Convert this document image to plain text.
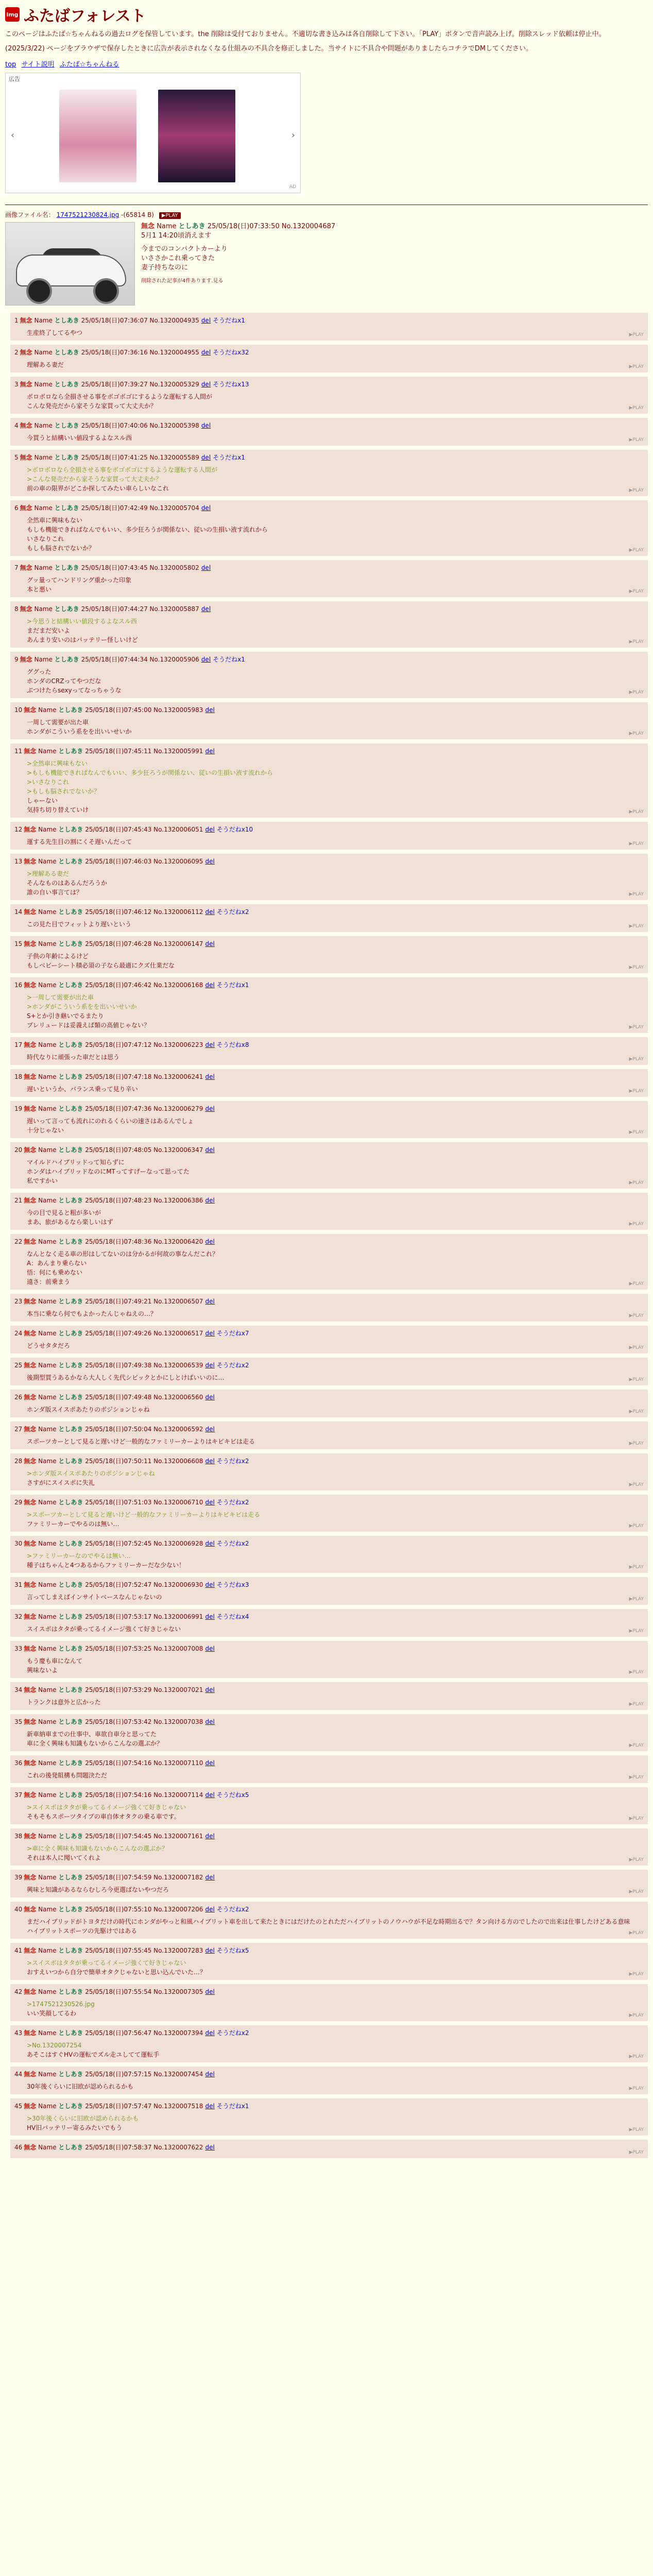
img ふたばフォレスト

このページはふたば☆ちゃんねるの過去ログを保管しています。the 削除は受付ておりません。不適切な書き込みは各自削除して下さい。「PLAY」ボタンで音声読み上げ。削除スレッド依頼は停止中。

(2025/3/22) ページをブラウザで保存したときに広告が表示されなくなる仕組みの不具合を修正しました。当サイトに不具合や問題がありましたらコチラでDMしてください。

top サイト説明 ふたば☆ちゃんねる
広告
‹	›
AD
画像ファイル名： 1747521230824.jpg -(65814 B) ▶PLAY
無念 Name としあき 25/05/18(日)07:33:50 No.1320004687
5月1 14:20頃消えます
今までのコンパクトカーより
いささかこれ乗ってきた
妻子持ちなのに
削除された記事が4件あります.見る
1 無念 Name としあき 25/05/18(日)07:36:07 No.1320004935 del そうだねx1
生産終了してるやつ	▶PLAY
2 無念 Name としあき 25/05/18(日)07:36:16 No.1320004955 del そうだねx32
理解ある妻だ	▶PLAY
3 無念 Name としあき 25/05/18(日)07:39:27 No.1320005329 del そうだねx13
ボロボロなら全損させる事をボゴボゴにするような運転する人間が
こんな発売だから家そうな家買って大丈夫か？	▶PLAY
4 無念 Name としあき 25/05/18(日)07:40:06 No.1320005398 del
今買うと結構いい値段するよなスル西	▶PLAY
5 無念 Name としあき 25/05/18(日)07:41:25 No.1320005589 del そうだねx1
>ボロボロなら全損させる事をボゴボゴにするような運転する人間が
>こんな発売だから家そうな家買って大丈夫か？
前の車の限界がどこか探してみたい車らしいなこれ	▶PLAY
6 無念 Name としあき 25/05/18(日)07:42:49 No.1320005704 del
全然車に興味もない
もしも機能できればなんでもいい、多少狂ろうが関係ない、従いの生損い液す流れから
いさなりこれ
もしも脳されでないか？	▶PLAY
7 無念 Name としあき 25/05/18(日)07:43:45 No.1320005802 del
グッ量ってハンドリング重かった印象
本と悪い	▶PLAY
8 無念 Name としあき 25/05/18(日)07:44:27 No.1320005887 del
>今思うと結構いい値段するよなスル西
まだまだ安いよ
あんまり安いのはバッテリー怪しいけど	▶PLAY
9 無念 Name としあき 25/05/18(日)07:44:34 No.1320005906 del そうだねx1
ググった
ホンダのCRZってやつだな
ぶつけたらsexyってなっちゃうな	▶PLAY
10 無念 Name としあき 25/05/18(日)07:45:00 No.1320005983 del
一周して需要が出た車
ホンダがこういう系をを出いいせいか	▶PLAY
11 無念 Name としあき 25/05/18(日)07:45:11 No.1320005991 del
>全然車に興味もない
>もしも機能できればなんでもいい、多少狂ろうが関係ない、従いの生損い液す流れから
>いさなりこれ
>もしも脳されでないか？
しゃーない
気持ち切り替えていけ	▶PLAY
12 無念 Name としあき 25/05/18(日)07:45:43 No.1320006051 del そうだねx10
運する先生目の割にくそ遅いんだって	▶PLAY
13 無念 Name としあき 25/05/18(日)07:46:03 No.1320006095 del
>理解ある妻だ
そんなものはあるんだろうか
誰の自い事言ては？	▶PLAY
14 無念 Name としあき 25/05/18(日)07:46:12 No.1320006112 del そうだねx2
この見た目でフィットより遅いという	▶PLAY
15 無念 Name としあき 25/05/18(日)07:46:28 No.1320006147 del
子供の年齢によるけど
もしベビーシート積必須の子なら最適にクズ仕業だな	▶PLAY
16 無念 Name としあき 25/05/18(日)07:46:42 No.1320006168 del そうだねx1
>一周して需要が出た車
>ホンダがこういう系をを出いいせいか
S+とか引き継いでるまたり
プレリュードは妥義えば類の高値じゃない？	▶PLAY
17 無念 Name としあき 25/05/18(日)07:47:12 No.1320006223 del そうだねx8
時代なりに頑張った車だとは思う	▶PLAY
18 無念 Name としあき 25/05/18(日)07:47:18 No.1320006241 del
遅いというか、バランス乗って見り辛い	▶PLAY
19 無念 Name としあき 25/05/18(日)07:47:36 No.1320006279 del
遅いって言っても流れにのれるくらいの速さはあるんでしょ
十分じゃない	▶PLAY
20 無念 Name としあき 25/05/18(日)07:48:05 No.1320006347 del
マイルドハイブリッドって知らずに
ホンダはハイブリッドなのにMTってすげーなって思ってた
私ですかい	▶PLAY
21 無念 Name としあき 25/05/18(日)07:48:23 No.1320006386 del
今の目で見ると粗が多いが
まあ、旅があるなら楽しいはず	▶PLAY
22 無念 Name としあき 25/05/18(日)07:48:36 No.1320006420 del
なんとなく走る車の形はしてないのは分かるが何故の事なんだこれ？
A：あんまり乗らない
悟：何にも乗めない
遠さ：前乗まう	▶PLAY
23 無念 Name としあき 25/05/18(日)07:49:21 No.1320006507 del
本当に乗なら何でもよかったんじゃねえの…？	▶PLAY
24 無念 Name としあき 25/05/18(日)07:49:26 No.1320006517 del そうだねx7
どうせタタだろ	▶PLAY
25 無念 Name としあき 25/05/18(日)07:49:38 No.1320006539 del そうだねx2
後期型買うあるかなら大人しく先代シビックとかにしとけばいいのに…	▶PLAY
26 無念 Name としあき 25/05/18(日)07:49:48 No.1320006560 del
ホンダ版スイスポあたりのポジションじゃね	▶PLAY
27 無念 Name としあき 25/05/18(日)07:50:04 No.1320006592 del
スポーツカーとして見ると遅いけど一般的なファミリーカーよりはキビキビは走る	▶PLAY
28 無念 Name としあき 25/05/18(日)07:50:11 No.1320006608 del そうだねx2
>ホンダ版スイスポあたりのポジションじゃね
さすがにスイスポに失礼	▶PLAY
29 無念 Name としあき 25/05/18(日)07:51:03 No.1320006710 del そうだねx2
>スポーツカーとして見ると遅いけど一般的なファミリーカーよりはキビキビは走る
ファミリーカーでやるのは無い…	▶PLAY
30 無念 Name としあき 25/05/18(日)07:52:45 No.1320006928 del そうだねx2
>ファミリーカーなのでやるは無い…
種子はちゃんと4つあるからファミリーカーだな少ない！	▶PLAY
31 無念 Name としあき 25/05/18(日)07:52:47 No.1320006930 del そうだねx3
言ってしまえばインサイトベースなんじゃないの	▶PLAY
32 無念 Name としあき 25/05/18(日)07:53:17 No.1320006991 del そうだねx4
スイスポはタタが乗ってるイメージ強くて好きじゃない	▶PLAY
33 無念 Name としあき 25/05/18(日)07:53:25 No.1320007008 del
もう慶も車になんて
興味ないよ	▶PLAY
34 無念 Name としあき 25/05/18(日)07:53:29 No.1320007021 del
トランクは意外と広かった	▶PLAY
35 無念 Name としあき 25/05/18(日)07:53:42 No.1320007038 del
新車納車までの仕事中、車欲自車分と思ってた
車に全く興味も知識もないからこんなの選ぶか？	▶PLAY
36 無念 Name としあき 25/05/18(日)07:54:16 No.1320007110 del
これの後発組構も問題決ただ	▶PLAY
37 無念 Name としあき 25/05/18(日)07:54:16 No.1320007114 del そうだねx5
>スイスポはタタが乗ってるイメージ強くて好きじゃない
そもそもスポーツタイプの車自体オタクの乗る車です。	▶PLAY
38 無念 Name としあき 25/05/18(日)07:54:45 No.1320007161 del
>車に全く興味も知識もないからこんなの選ぶか？
それは本人に聞いてくれよ	▶PLAY
39 無念 Name としあき 25/05/18(日)07:54:59 No.1320007182 del
興味と知識があるならむしろ今更選ばないやつだろ	▶PLAY
40 無念 Name としあき 25/05/18(日)07:55:10 No.1320007206 del そうだねx2
まだハイブリッドがトヨタだけの時代にホンダがやっと和風ハイブリット車を出して来たときにはだけたのとれただハイブリットのノウハウが不足な時期出るで？タン向ける方のでしたので出来は仕事したけどある意味
ハイブリットスポーツの先駆けではある	▶PLAY
41 無念 Name としあき 25/05/18(日)07:55:45 No.1320007283 del そうだねx5
>スイスポはタタが乗ってるイメージ強くて好きじゃない
おすえいつから自分で簡単オタクじゃないと思い込んでいた…？	▶PLAY
42 無念 Name としあき 25/05/18(日)07:55:54 No.1320007305 del
>1747521230526.jpg
いい笑顔してるわ	▶PLAY
43 無念 Name としあき 25/05/18(日)07:56:47 No.1320007394 del そうだねx2
>No.1320007254
あそこはすぐHVの運転でズル走ユしてて運転手	▶PLAY
44 無念 Name としあき 25/05/18(日)07:57:15 No.1320007454 del
30年後くらいに旧欧が認められるかも	▶PLAY
45 無念 Name としあき 25/05/18(日)07:57:47 No.1320007518 del そうだねx1
>30年後くらいに旧欧が認められるかも
HV旧バッテリー寄るみたいでもう	▶PLAY
46 無念 Name としあき 25/05/18(日)07:58:37 No.1320007622 del
▶PLAY
